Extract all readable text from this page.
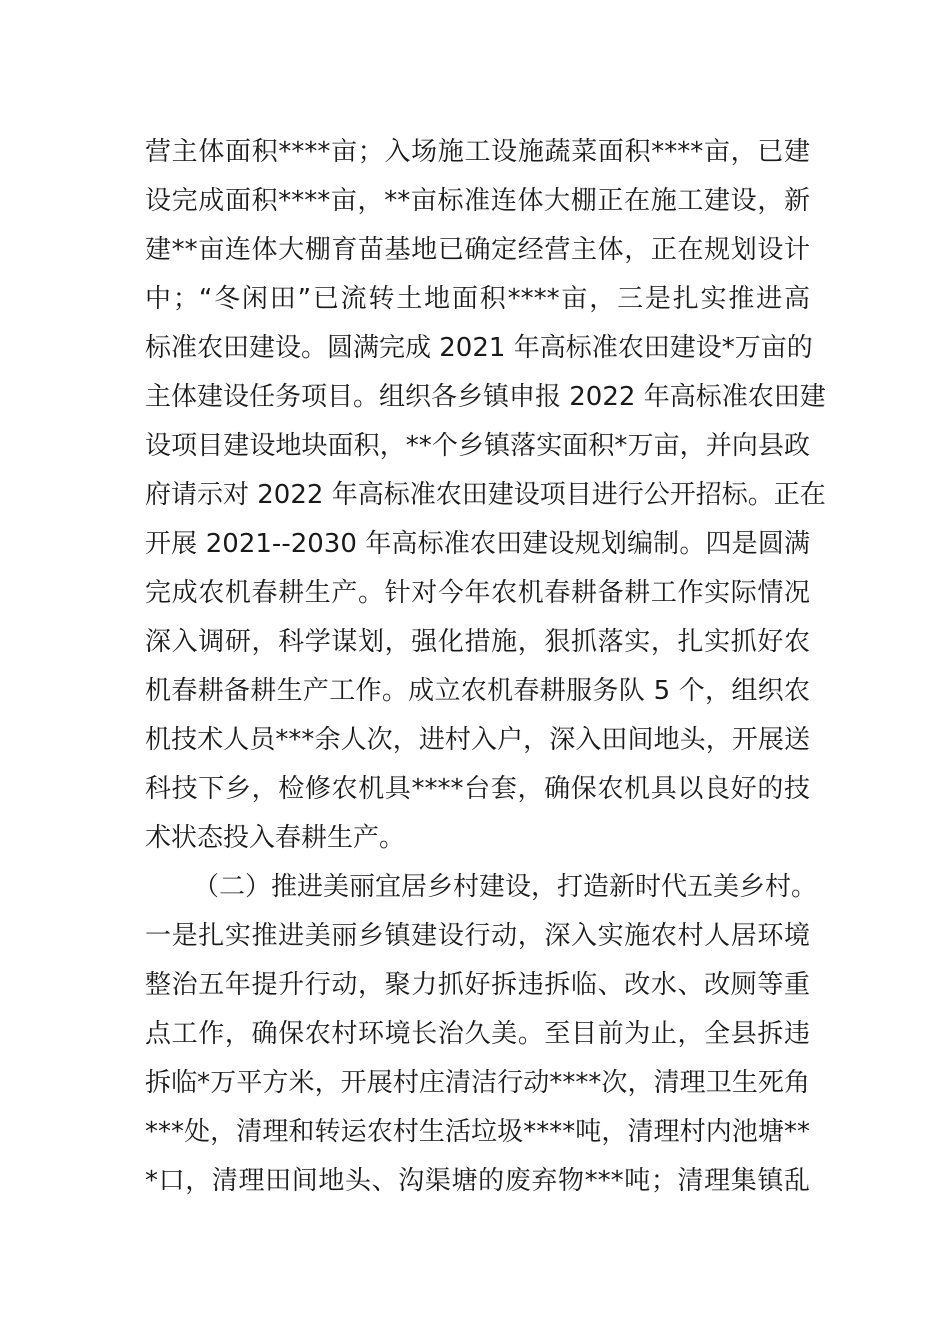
营主体面积****亩；入场施工设施蔬菜面积****亩，已建
设完成面积****亩，**亩标准连体大棚正在施工建设，新
建**亩连体大棚育苗基地已确定经营主体，正在规划设计
中；“冬闲田”已流转土地面积****亩，三是扎实推进高
标准农田建设。圆满完成 2021 年高标准农田建设*万亩的
主体建设任务项目。组织各乡镇申报 2022 年高标准农田建
设项目建设地块面积，**个乡镇落实面积*万亩，并向县政
府请示对 2022 年高标准农田建设项目进行公开招标。正在
开展 2021--2030 年高标准农田建设规划编制。四是圆满
完成农机春耕生产。针对今年农机春耕备耕工作实际情况
深入调研，科学谋划，强化措施，狠抓落实，扎实抓好农
机春耕备耕生产工作。成立农机春耕服务队 5 个，组织农
机技术人员***余人次，进村入户，深入田间地头，开展送
科技下乡，检修农机具****台套，确保农机具以良好的技
术状态投入春耕生产。
（二）推进美丽宜居乡村建设，打造新时代五美乡村。
一是扎实推进美丽乡镇建设行动，深入实施农村人居环境
整治五年提升行动，聚力抓好拆违拆临、改水、改厕等重
点工作，确保农村环境长治久美。至目前为止，全县拆违
拆临*万平方米，开展村庄清洁行动****次，清理卫生死角
***处，清理和转运农村生活垃圾****吨，清理村内池塘**
*口，清理田间地头、沟渠塘的废弃物***吨；清理集镇乱
